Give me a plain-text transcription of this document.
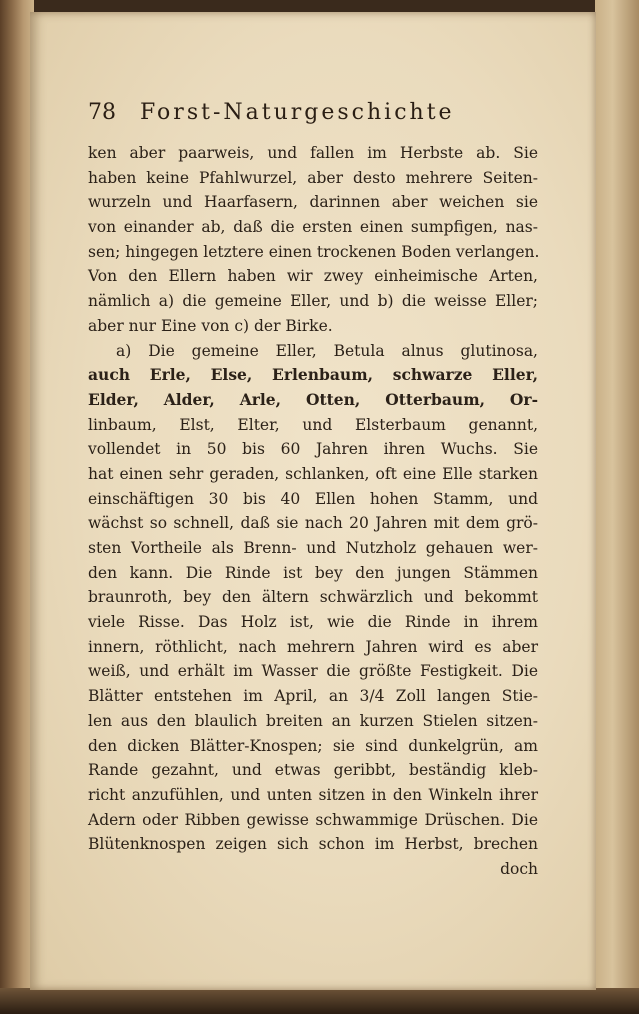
78 Forst-Naturgeschichte
ken aber paarweis, und fallen im Herbste ab. Sie
haben keine Pfahlwurzel, aber desto mehrere Seiten-
wurzeln und Haarfasern, darinnen aber weichen sie
von einander ab, daß die ersten einen sumpfigen, nas-
sen; hingegen letztere einen trockenen Boden verlangen.
Von den Ellern haben wir zwey einheimische Arten,
nämlich a) die gemeine Eller, und b) die weisse Eller;
aber nur Eine von c) der Birke.
a) Die gemeine Eller, Betula alnus glutinosa,
auch Erle, Else, Erlenbaum, schwarze Eller,
Elder, Alder, Arle, Otten, Otterbaum, Or-
linbaum, Elst, Elter, und Elsterbaum genannt,
vollendet in 50 bis 60 Jahren ihren Wuchs. Sie
hat einen sehr geraden, schlanken, oft eine Elle starken
einschäftigen 30 bis 40 Ellen hohen Stamm, und
wächst so schnell, daß sie nach 20 Jahren mit dem grö-
sten Vortheile als Brenn- und Nutzholz gehauen wer-
den kann. Die Rinde ist bey den jungen Stämmen
braunroth, bey den ältern schwärzlich und bekommt
viele Risse. Das Holz ist, wie die Rinde in ihrem
innern, röthlicht, nach mehrern Jahren wird es aber
weiß, und erhält im Wasser die größte Festigkeit. Die
Blätter entstehen im April, an 3/4 Zoll langen Stie-
len aus den blaulich breiten an kurzen Stielen sitzen-
den dicken Blätter-Knospen; sie sind dunkelgrün, am
Rande gezahnt, und etwas geribbt, beständig kleb-
richt anzufühlen, und unten sitzen in den Winkeln ihrer
Adern oder Ribben gewisse schwammige Drüschen. Die
Blütenknospen zeigen sich schon im Herbst, brechen
doch
